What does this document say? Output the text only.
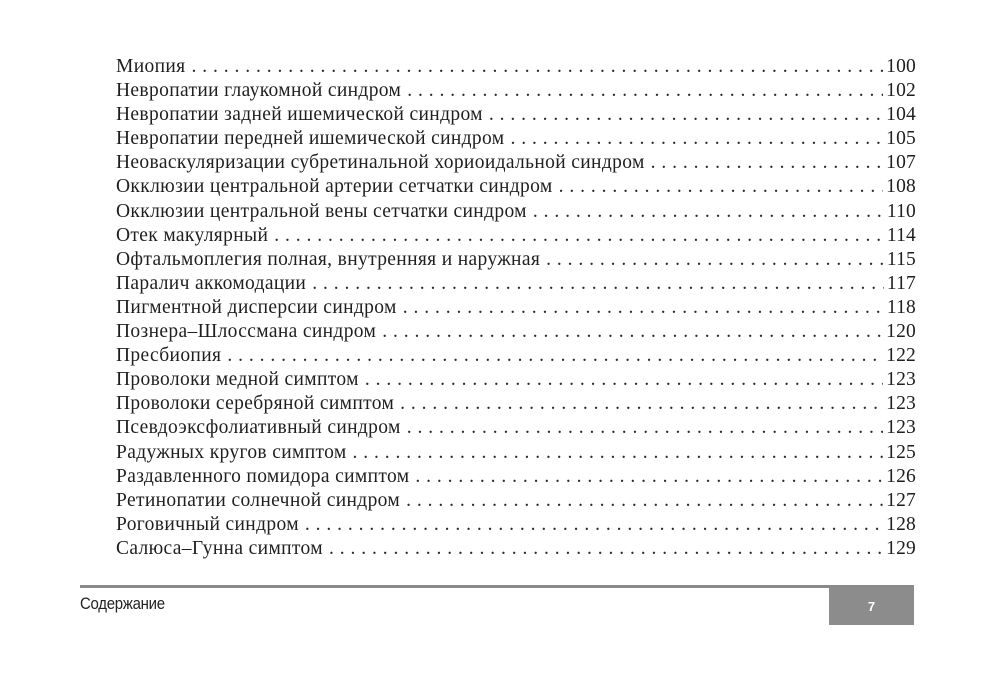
Миопия . . .	100
Невропатии глаукомной синдром . . .	102
Невропатии задней ишемической синдром . . .	104
Невропатии передней ишемической синдром . . .	105
Неоваскуляризации субретинальной хориоидальной синдром . . .	107
Окклюзии центральной артерии сетчатки синдром . . .	108
Окклюзии центральной вены сетчатки синдром . . .	110
Отек макулярный . . .	114
Офтальмоплегия полная, внутренняя и наружная . . .	115
Паралич аккомодации . . .	117
Пигментной дисперсии синдром . . .	118
Познера–Шлоссмана синдром . . .	120
Пресбиопия . . .	122
Проволоки медной симптом . . .	123
Проволоки серебряной симптом . . .	123
Псевдоэксфолиативный синдром . . .	123
Радужных кругов симптом . . .	125
Раздавленного помидора симптом . . .	126
Ретинопатии солнечной синдром . . .	127
Роговичный синдром . . .	128
Салюса–Гунна симптом . . .	129
Содержание	7
